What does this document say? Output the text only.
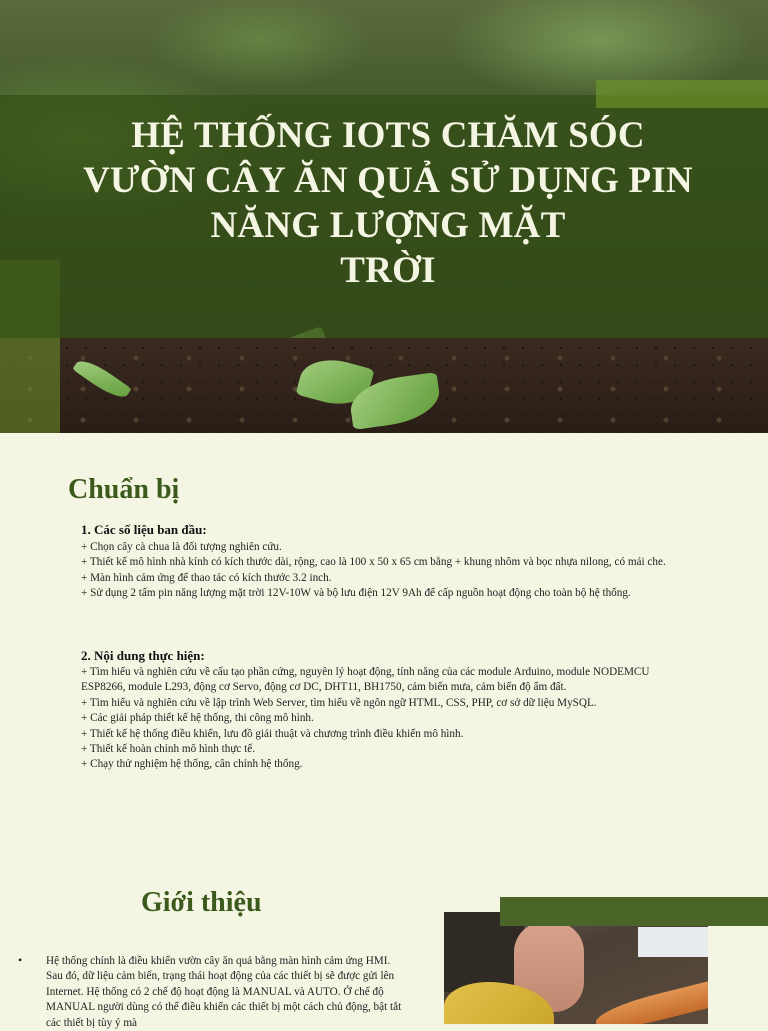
HỆ THỐNG IOTS CHĂM SÓC
VƯỜN CÂY ĂN QUẢ SỬ DỤNG PIN
NĂNG LƯỢNG MẶT
TRỜI
Chuẩn bị

1. Các số liệu ban đầu:

+ Chọn cây cà chua là đối tượng nghiên cứu.
+ Thiết kế mô hình nhà kính có kích thước dài, rộng, cao là 100 x 50 x 65 cm bằng + khung nhôm và bọc nhựa nilong, có mái che.
+ Màn hình cảm ứng để thao tác có kích thước 3.2 inch.
+ Sử dụng 2 tấm pin năng lượng mặt trời 12V-10W và bộ lưu điện 12V 9Ah để cấp nguồn hoạt động cho toàn bộ hệ thống.

2. Nội dung thực hiện:

+ Tìm hiểu và nghiên cứu về cấu tạo phần cứng, nguyên lý hoạt động, tính năng của các module Arduino, module NODEMCU ESP8266, module L293, động cơ Servo, động cơ DC, DHT11, BH1750, cảm biến mưa, cảm biến độ ẩm đất.
+ Tìm hiểu và nghiên cứu về lập trình Web Server, tìm hiểu về ngôn ngữ HTML, CSS, PHP, cơ sở dữ liệu MySQL.
+ Các giải pháp thiết kế hệ thống, thi công mô hình.
+ Thiết kế hệ thống điều khiển, lưu đồ giải thuật và chương trình điều khiển mô hình.
+ Thiết kế hoàn chỉnh mô hình thực tế.
+ Chạy thử nghiệm hệ thống, cân chỉnh hệ thống.
Giới thiệu
• Hệ thống chính là điều khiển vườn cây ăn quả bằng màn hình cảm ứng HMI. Sau đó, dữ liệu cảm biến, trạng thái hoạt động của các thiết bị sẽ được gửi lên Internet. Hệ thống có 2 chế độ hoạt động là MANUAL và AUTO. Ở chế độ MANUAL người dùng có thể điều khiển các thiết bị một cách chủ động, bật tắt các thiết bị tùy ý mà
